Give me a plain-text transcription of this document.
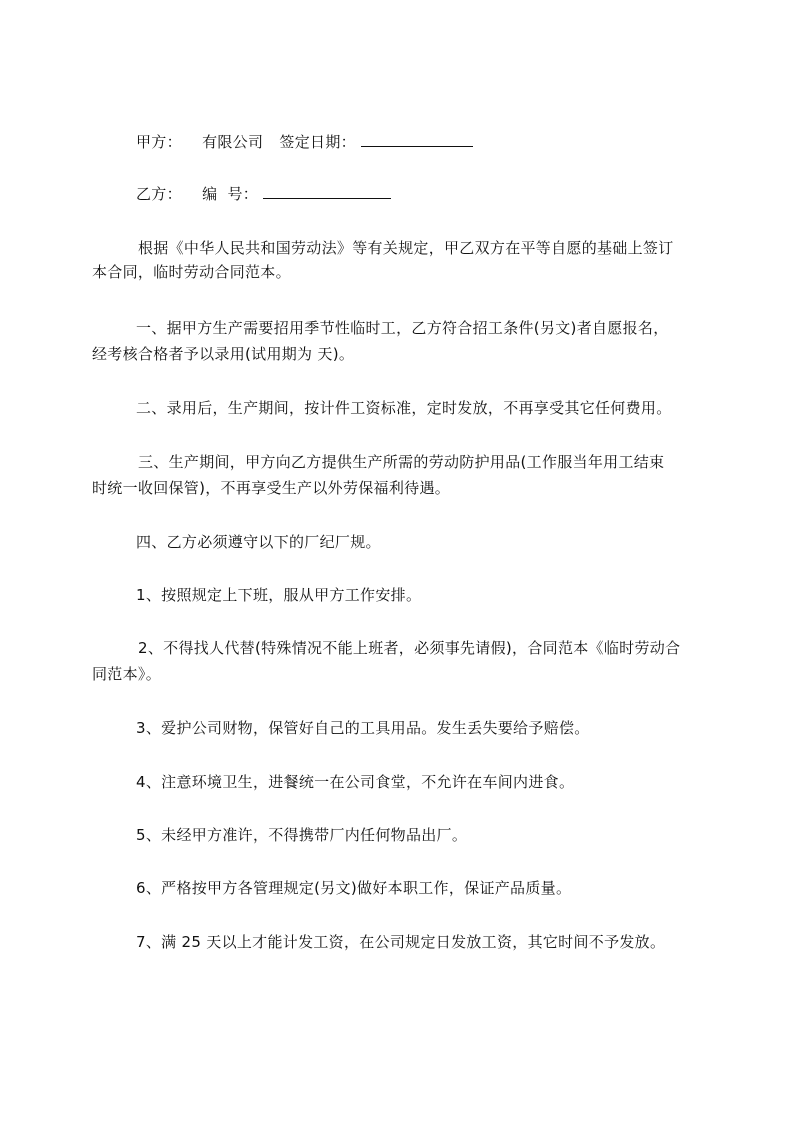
甲方： 有限公司 签定日期：
乙方： 编  号：
根据《中华人民共和国劳动法》等有关规定，甲乙双方在平等自愿的基础上签订
本合同，临时劳动合同范本。
一、据甲方生产需要招用季节性临时工，乙方符合招工条件(另文)者自愿报名，
经考核合格者予以录用(试用期为 天)。
二、录用后，生产期间，按计件工资标准，定时发放，不再享受其它任何费用。
三、生产期间，甲方向乙方提供生产所需的劳动防护用品(工作服当年用工结束
时统一收回保管)，不再享受生产以外劳保福利待遇。
四、乙方必须遵守以下的厂纪厂规。
1、按照规定上下班，服从甲方工作安排。
2、不得找人代替(特殊情况不能上班者，必须事先请假)，合同范本《临时劳动合
同范本》。
3、爱护公司财物，保管好自己的工具用品。发生丢失要给予赔偿。
4、注意环境卫生，进餐统一在公司食堂，不允许在车间内进食。
5、未经甲方准许，不得携带厂内任何物品出厂。
6、严格按甲方各管理规定(另文)做好本职工作，保证产品质量。
7、满 25 天以上才能计发工资，在公司规定日发放工资，其它时间不予发放。
